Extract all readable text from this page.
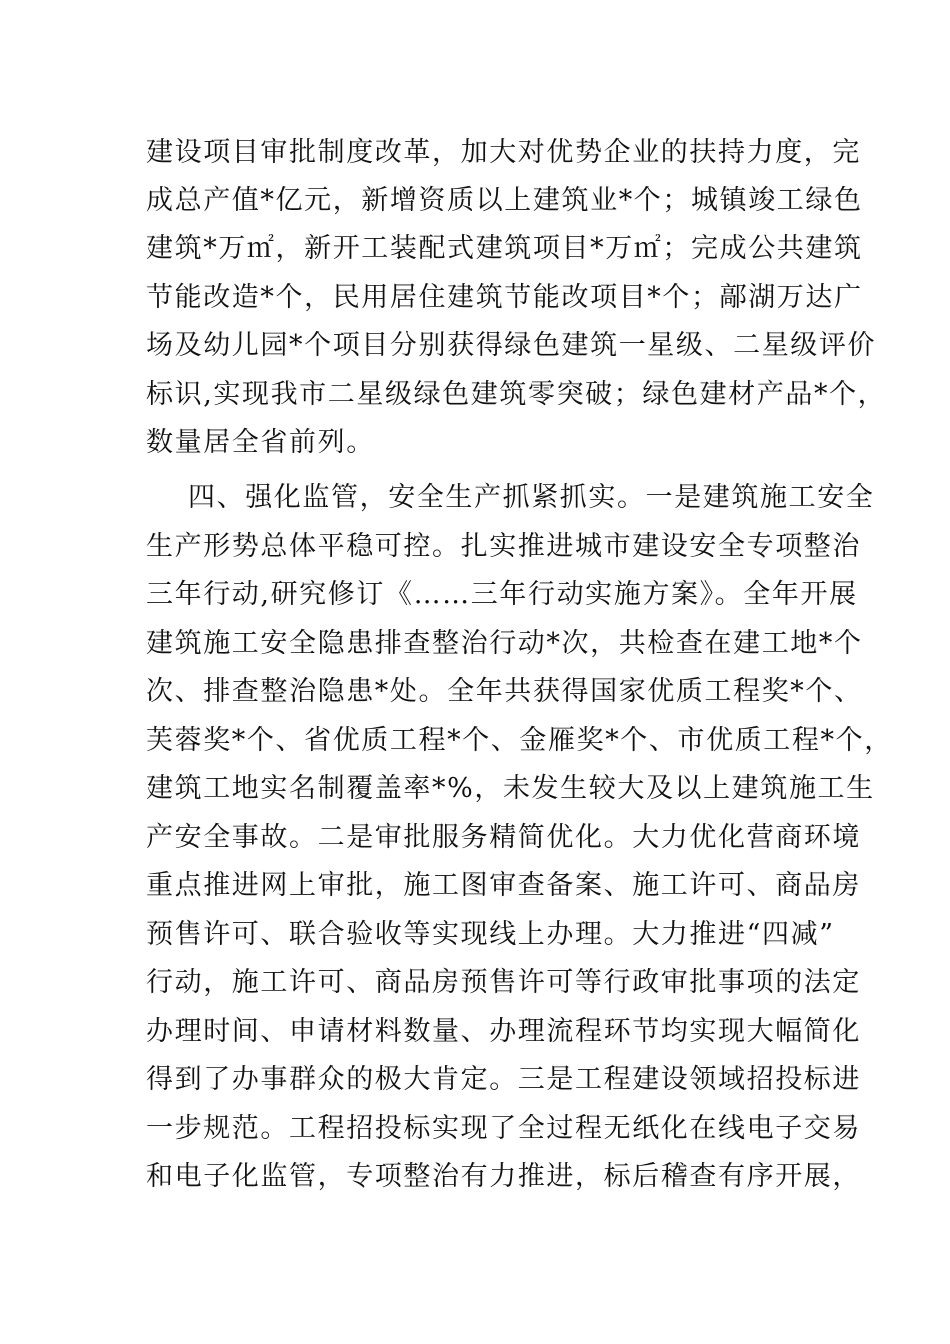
建设项目审批制度改革，加大对优势企业的扶持力度，完
成总产值*亿元，新增资质以上建筑业*个；城镇竣工绿色
建筑*万㎡，新开工装配式建筑项目*万㎡；完成公共建筑
节能改造*个，民用居住建筑节能改项目*个；鄗湖万达广
场及幼儿园*个项目分别获得绿色建筑一星级、二星级评价
标识,实现我市二星级绿色建筑零突破；绿色建材产品*个，
数量居全省前列。
四、强化监管，安全生产抓紧抓实。一是建筑施工安全
生产形势总体平稳可控。扎实推进城市建设安全专项整治
三年行动,研究修订《……三年行动实施方案》。全年开展
建筑施工安全隐患排查整治行动*次，共检查在建工地*个
次、排查整治隐患*处。全年共获得国家优质工程奖*个、
芙蓉奖*个、省优质工程*个、金雁奖*个、市优质工程*个，
建筑工地实名制覆盖率*%，未发生较大及以上建筑施工生
产安全事故。二是审批服务精简优化。大力优化营商环境
重点推进网上审批，施工图审查备案、施工许可、商品房
预售许可、联合验收等实现线上办理。大力推进“四减”
行动，施工许可、商品房预售许可等行政审批事项的法定
办理时间、申请材料数量、办理流程环节均实现大幅简化
得到了办事群众的极大肯定。三是工程建设领域招投标进
一步规范。工程招投标实现了全过程无纸化在线电子交易
和电子化监管，专项整治有力推进，标后稽查有序开展，
